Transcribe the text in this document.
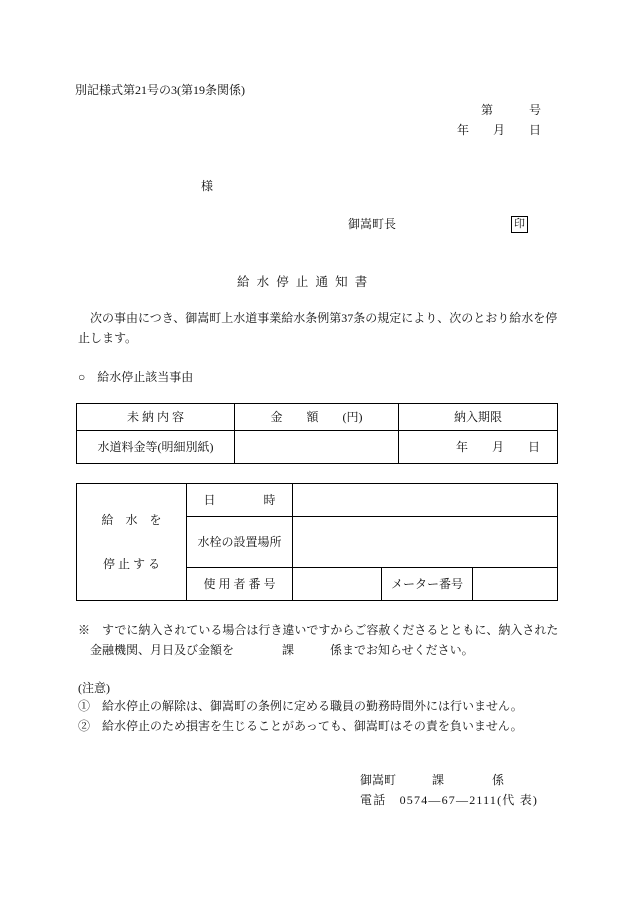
別記様式第21号の3(第19条関係)
第　　　号
年　　月　　日
様
御嵩町長	印
給 水 停 止 通 知 書
　次の事由につき、御嵩町上水道事業給水条例第37条の規定により、次のとおり給水を停
止します。
○　給水停止該当事由
未 納 内 容	金　　額　　(円)	納入期限
水道料金等(明細別紙)		年　　月　　日

給　水　を

停 止 す る	日　　　　時			
	水栓の設置場所			
	使 用 者 番 号		メーター番号	
※　すでに納入されている場合は行き違いですからご容赦くださるとともに、納入された
金融機関、月日及び金額を　　　　課　　　係までお知らせください。
(注意)
①　給水停止の解除は、御嵩町の条例に定める職員の勤務時間外には行いません。
②　給水停止のため損害を生じることがあっても、御嵩町はその責を負いません。
御嵩町　　　課　　　　係
電話　0574―67―2111(代 表)
